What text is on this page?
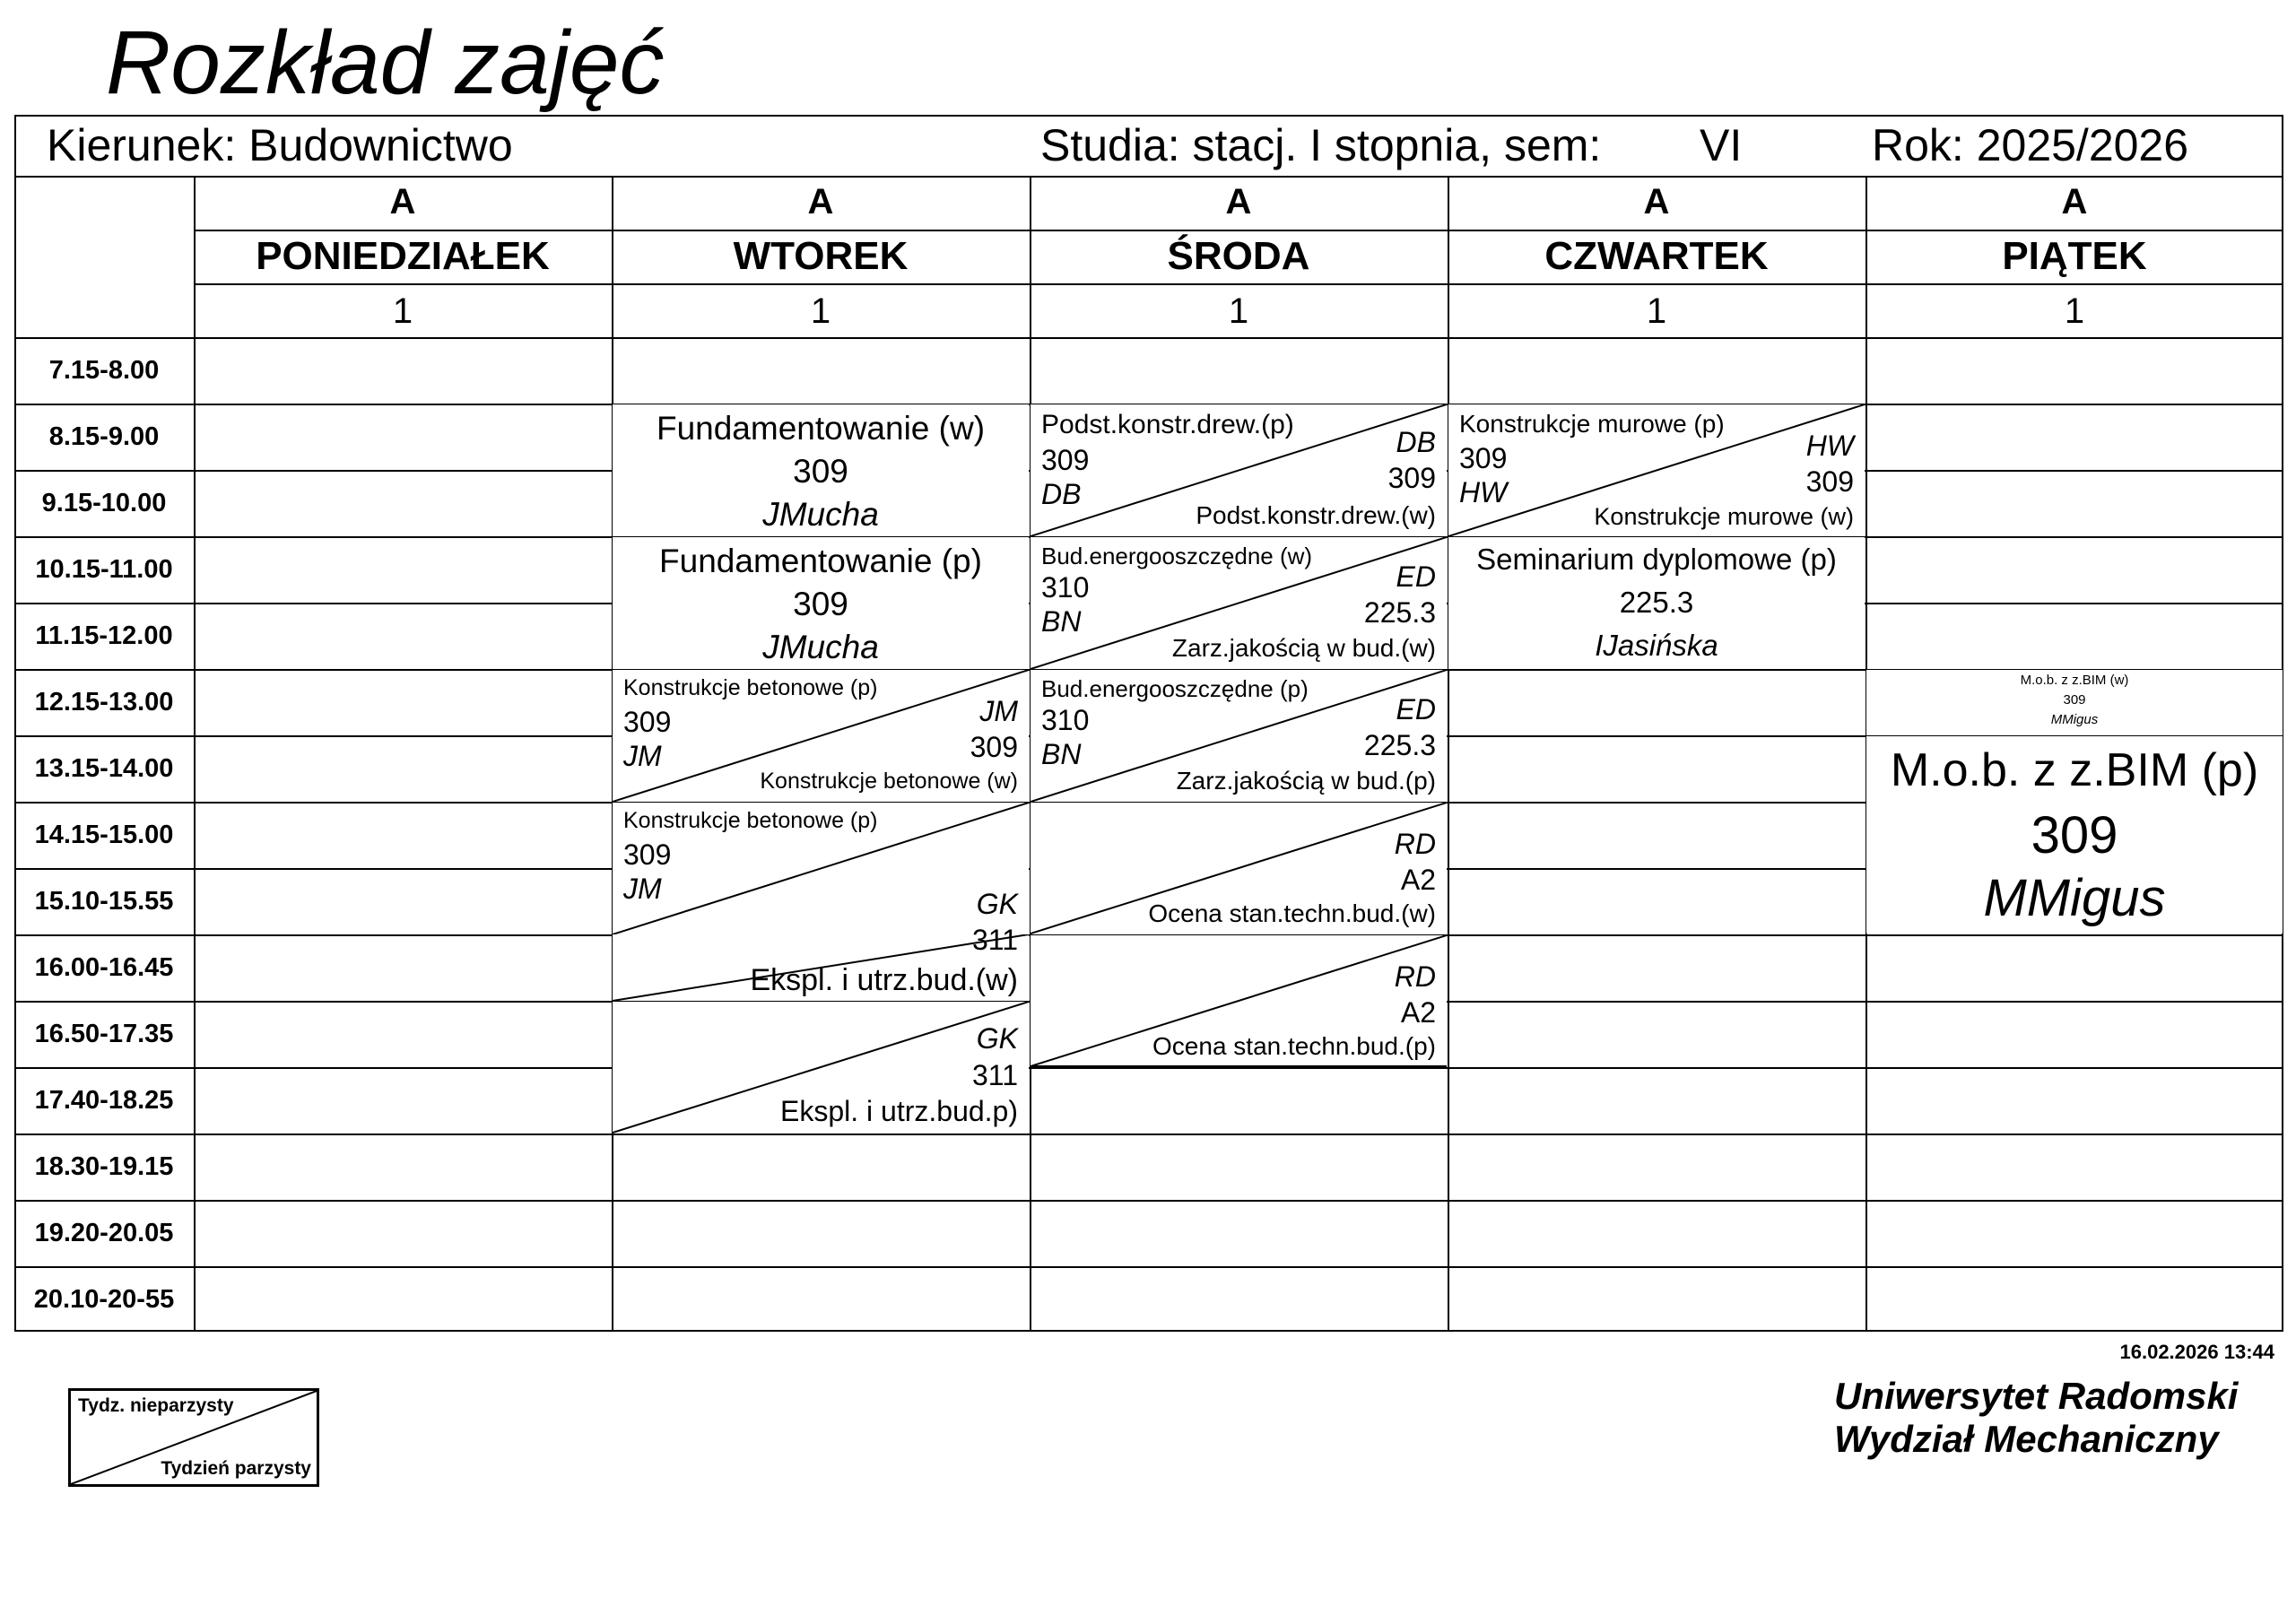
Rozkład zajęć
Kierunek: Budownictwo	Studia: stacj. I stopnia, sem: VI	Rok: 2025/2026
A
PONIEDZIAŁEK
1
A
WTOREK
1
A
ŚRODA
1
A
CZWARTEK
1
A
PIĄTEK
1
7.15-8.00
8.15-9.00
9.15-10.00
10.15-11.00
11.15-12.00
12.15-13.00
13.15-14.00
14.15-15.00
15.10-15.55
16.00-16.45
16.50-17.35
17.40-18.25
18.30-19.15
19.20-20.05
20.10-20-55
Fundamentowanie (w)
309
JMucha
Fundamentowanie (p)
309
JMucha
Konstrukcje betonowe (p)
309
JM
JM
309
Konstrukcje betonowe (w)
Konstrukcje betonowe (p)
309
JM
Ekspl. i utrz.bud.(w)
GK
311
GK
311
Ekspl. i utrz.bud.p)
Podst.konstr.drew.(p)
309
DB
DB
309
Podst.konstr.drew.(w)
Bud.energooszczędne (w)
310
BN
ED
225.3
Zarz.jakością w bud.(w)
Bud.energooszczędne (p)
310
BN
ED
225.3
Zarz.jakością w bud.(p)
RD
A2
Ocena stan.techn.bud.(w)
RD
A2
Ocena stan.techn.bud.(p)
Konstrukcje murowe (p)
309
HW
HW
309
Konstrukcje murowe (w)
Seminarium dyplomowe (p)
225.3
IJasińska
M.o.b. z z.BIM (w)
309
MMigus
M.o.b. z z.BIM (p)
309
MMigus
16.02.2026 13:44
Uniwersytet Radomski
Wydział Mechaniczny
Tydz. nieparzysty
Tydzień parzysty
